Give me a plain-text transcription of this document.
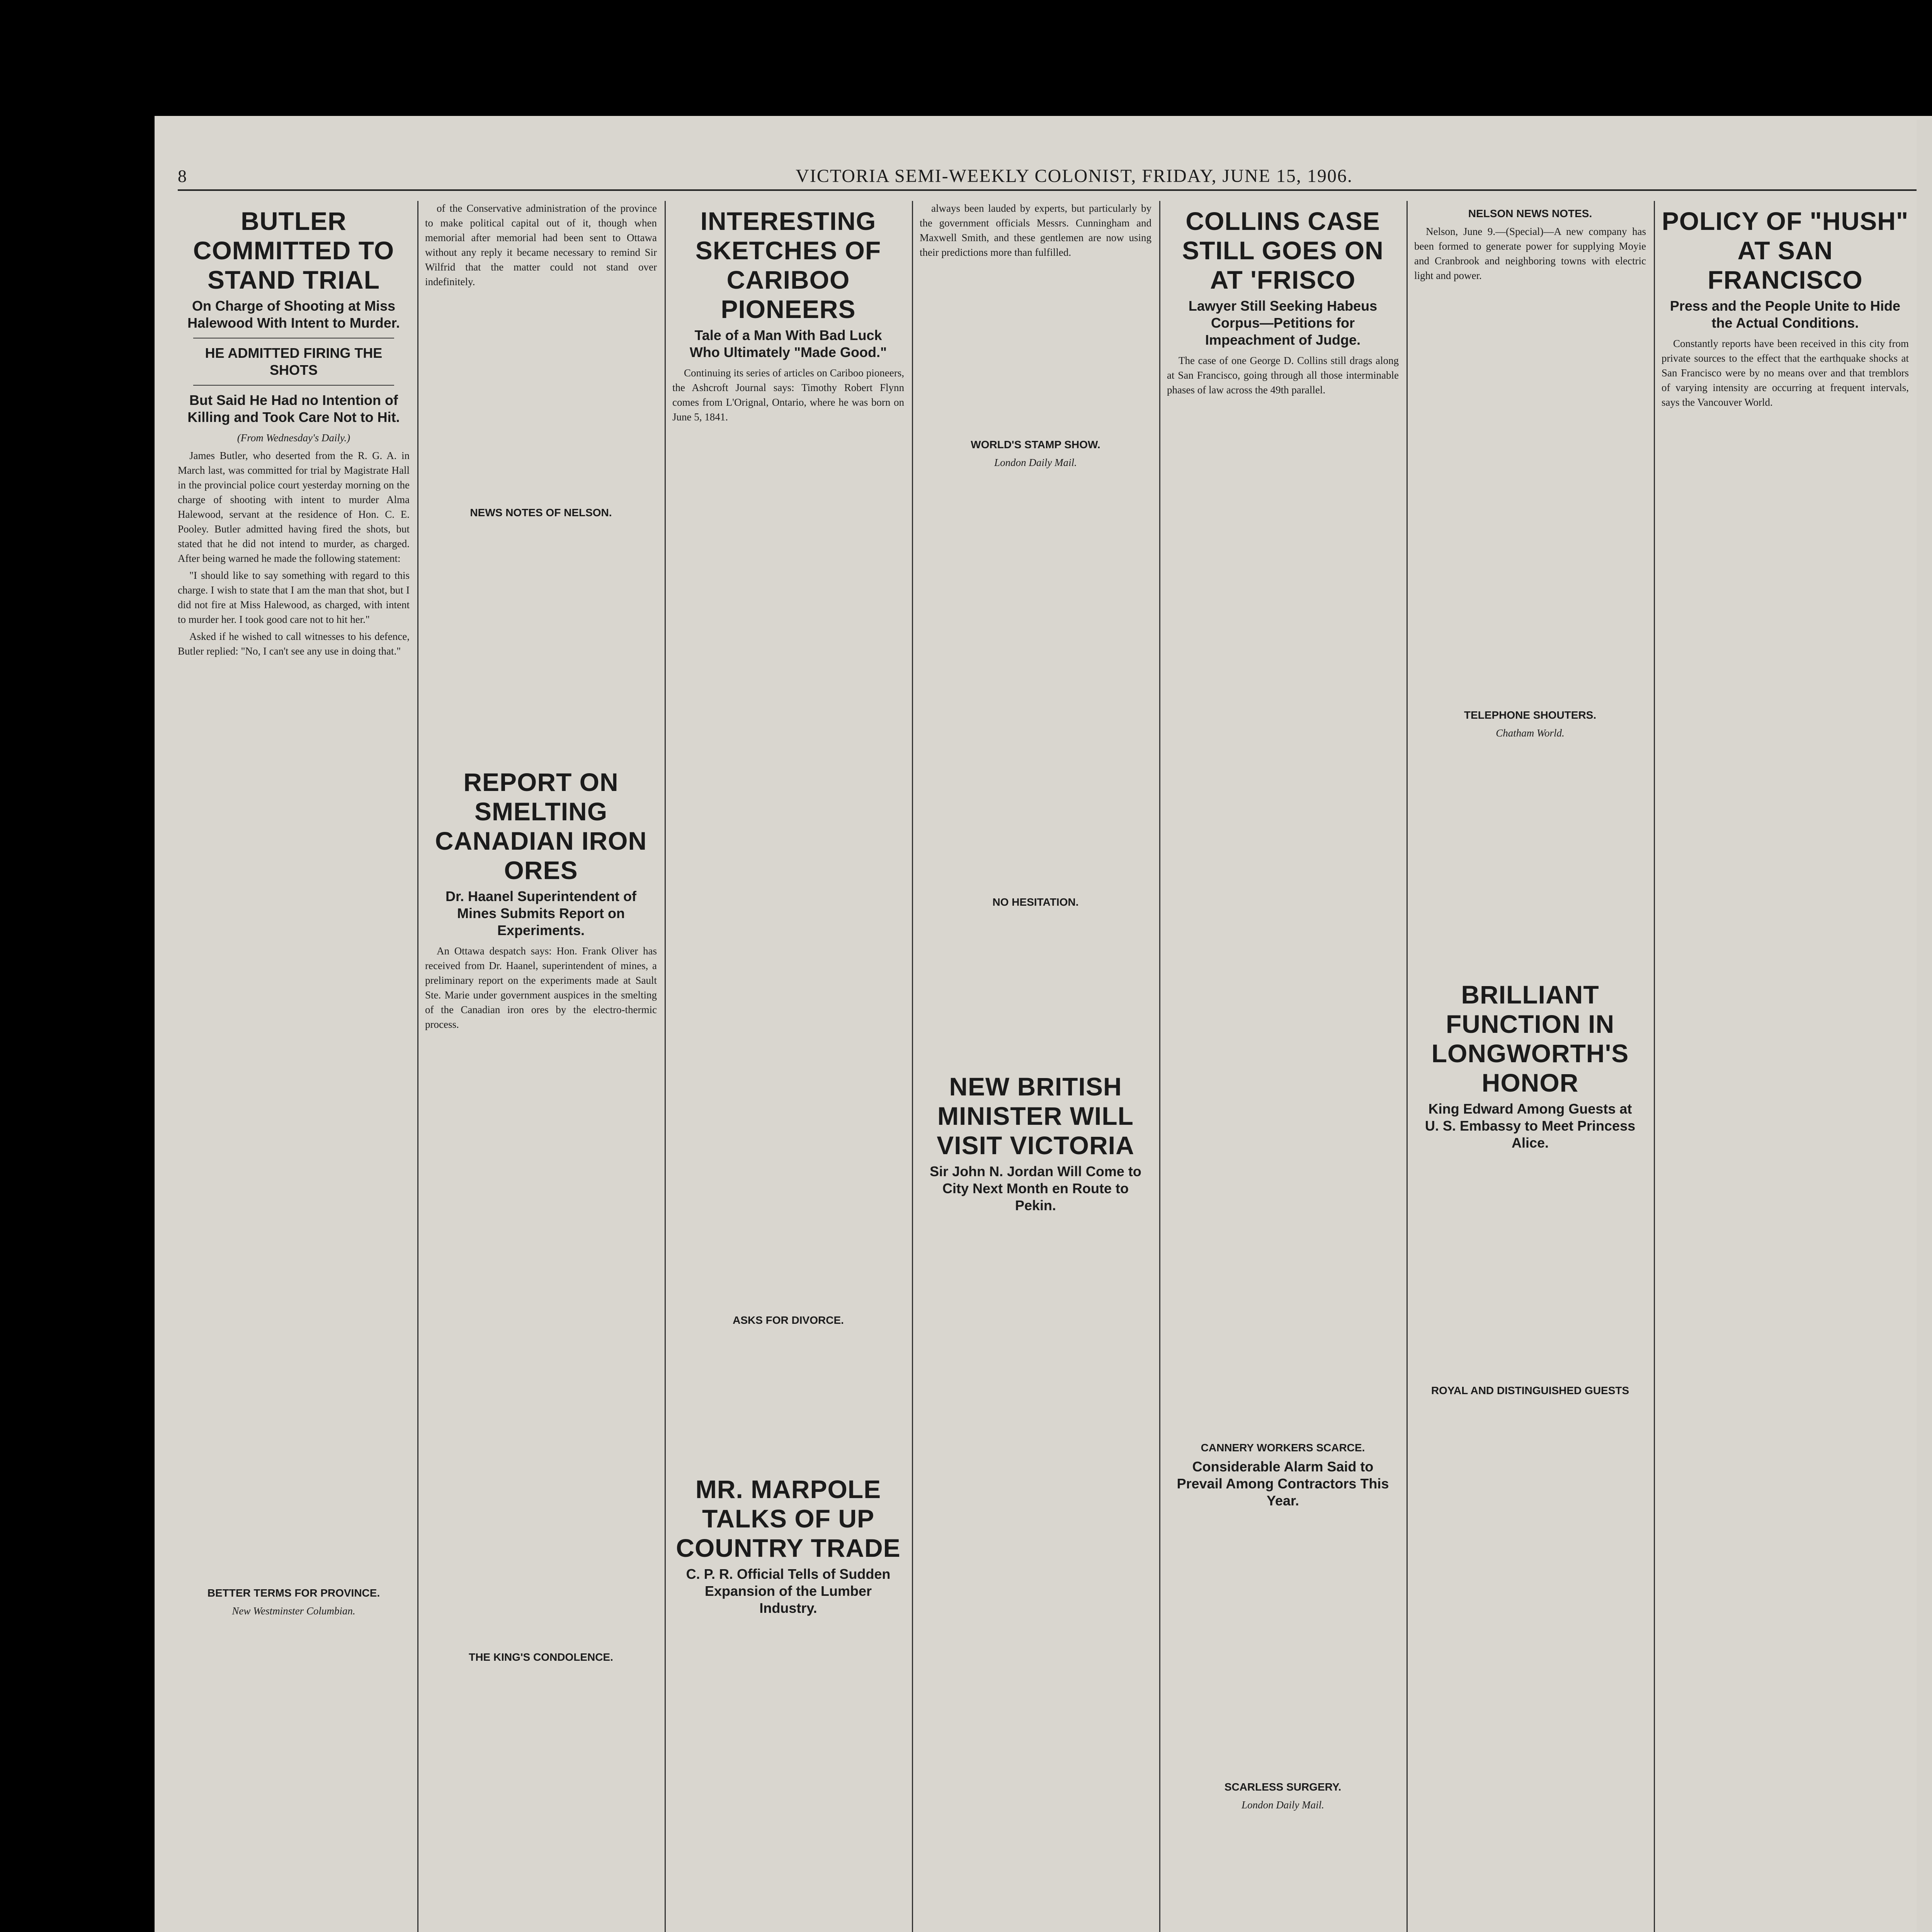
8	VICTORIA SEMI-WEEKLY COLONIST, FRIDAY, JUNE 15, 1906.
BUTLER COMMITTED TO STAND TRIAL
On Charge of Shooting at Miss Halewood With Intent to Murder.
HE ADMITTED FIRING THE SHOTS
But Said He Had no Intention of Killing and Took Care Not to Hit.
(From Wednesday's Daily.)

James Butler, who deserted from the R. G. A. in March last, was committed for trial by Magistrate Hall in the provincial police court yesterday morning on the charge of shooting with intent to murder Alma Halewood, servant at the residence of Hon. C. E. Pooley. Butler admitted having fired the shots, but stated that he did not intend to murder, as charged. After being warned he made the following statement:

"I should like to say something with regard to this charge. I wish to state that I am the man that shot, but I did not fire at Miss Halewood, as charged, with intent to murder her. I took good care not to hit her."

Asked if he wished to call witnesses to his defence, Butler replied: "No, I can't see any use in doing that."

BETTER TERMS FOR PROVINCE.
New Westminster Columbian.

of the Conservative administration of the province to make political capital out of it, though when memorial after memorial had been sent to Ottawa without any reply it became necessary to remind Sir Wilfrid that the matter could not stand over indefinitely.

NEWS NOTES OF NELSON.
REPORT ON SMELTING CANADIAN IRON ORES
Dr. Haanel Superintendent of Mines Submits Report on Experiments.

An Ottawa despatch says: Hon. Frank Oliver has received from Dr. Haanel, superintendent of mines, a preliminary report on the experiments made at Sault Ste. Marie under government auspices in the smelting of the Canadian iron ores by the electro-thermic process.

THE KING'S CONDOLENCE.
INTERESTING SKETCHES OF CARIBOO PIONEERS
Tale of a Man With Bad Luck Who Ultimately "Made Good."

Continuing its series of articles on Cariboo pioneers, the Ashcroft Journal says: Timothy Robert Flynn comes from L'Orignal, Ontario, where he was born on June 5, 1841.

ASKS FOR DIVORCE.
MR. MARPOLE TALKS OF UP COUNTRY TRADE
C. P. R. Official Tells of Sudden Expansion of the Lumber Industry.

always been lauded by experts, but particularly by the government officials Messrs. Cunningham and Maxwell Smith, and these gentlemen are now using their predictions more than fulfilled.

WORLD'S STAMP SHOW.
London Daily Mail.
NO HESITATION.
NEW BRITISH MINISTER WILL VISIT VICTORIA
Sir John N. Jordan Will Come to City Next Month en Route to Pekin.
COLLINS CASE STILL GOES ON AT 'FRISCO
Lawyer Still Seeking Habeus Corpus—Petitions for Impeachment of Judge.

The case of one George D. Collins still drags along at San Francisco, going through all those interminable phases of law across the 49th parallel.

CANNERY WORKERS SCARCE.
Considerable Alarm Said to Prevail Among Contractors This Year.
SCARLESS SURGERY.
London Daily Mail.
NELSON NEWS NOTES.

Nelson, June 9.—(Special)—A new company has been formed to generate power for supplying Moyie and Cranbrook and neighboring towns with electric light and power.

TELEPHONE SHOUTERS.
Chatham World.
BRILLIANT FUNCTION IN LONGWORTH'S HONOR
King Edward Among Guests at U. S. Embassy to Meet Princess Alice.
ROYAL AND DISTINGUISHED GUESTS
POLICY OF "HUSH" AT SAN FRANCISCO
Press and the People Unite to Hide the Actual Conditions.

Constantly reports have been received in this city from private sources to the effect that the earthquake shocks at San Francisco were by no means over and that tremblors of varying intensity are occurring at frequent intervals, says the Vancouver World.
